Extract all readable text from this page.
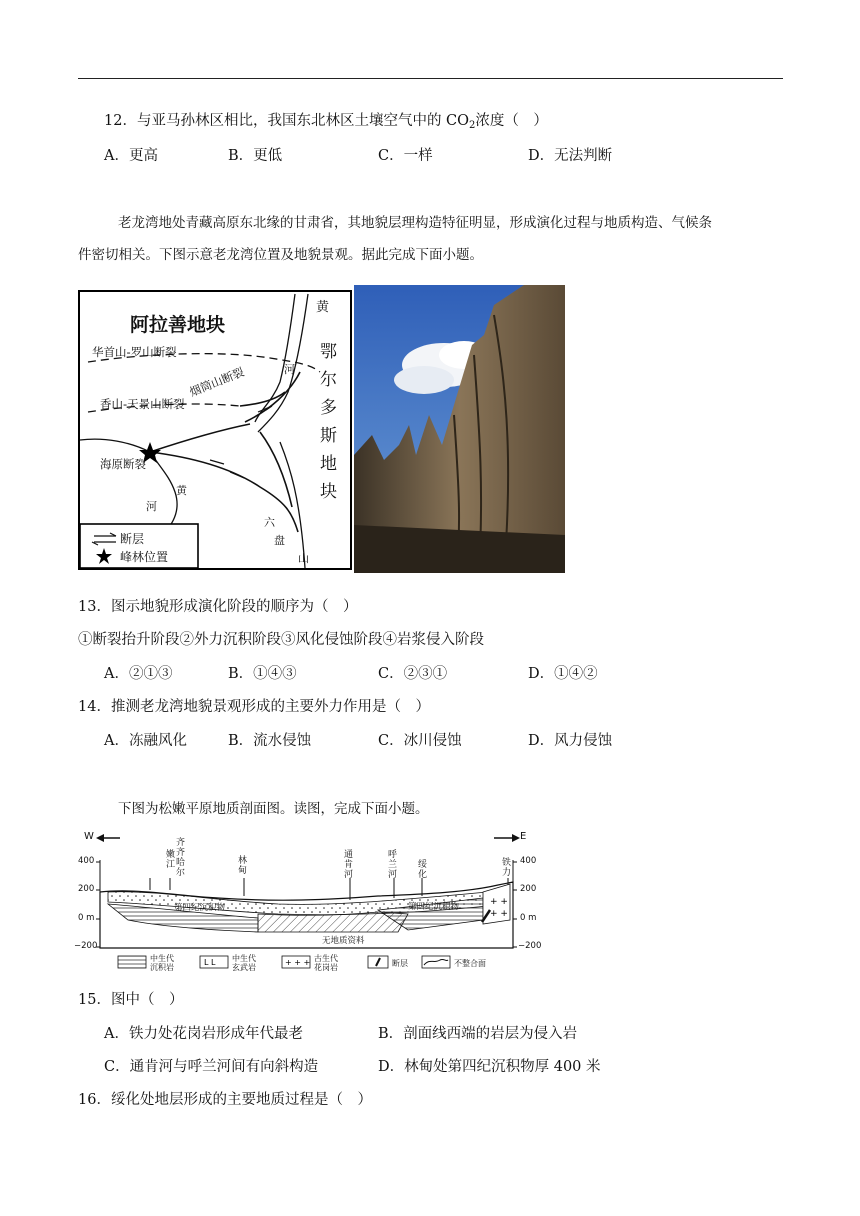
12．与亚马孙林区相比，我国东北林区土壤空气中的 $CO_2$浓度（　）
A．更高	B．更低	C．一样	D．无法判断
老龙湾地处青藏高原东北缘的甘肃省，其地貌层理构造特征明显，形成演化过程与地质构造、气候条
件密切相关。下图示意老龙湾位置及地貌景观。据此完成下面小题。
阿拉善地块
黄
鄂
尔
多
斯
地
块
河
华首山-罗山断裂
烟筒山断裂
香山-天景山断裂
海原断裂
黄
河
六
盘
山
断层
峰林位置
13．图示地貌形成演化阶段的顺序为（　）
①断裂抬升阶段②外力沉积阶段③风化侵蚀阶段④岩浆侵入阶段
A．②①③	B．①④③	C．②③①	D．①④②
14．推测老龙湾地貌景观形成的主要外力作用是（　）
A．冻融风化	B．流水侵蚀	C．冰川侵蚀	D．风力侵蚀
下图为松嫩平原地质剖面图。读图，完成下面小题。
+ +
+ +
L L	+ + +
W	E
400
200
0 m
−200
400
200
0 m
−200
齐齐哈尔
嫩江	林甸
通肯河
呼兰河
绥化
铁力
第四纪沉积物	第四纪沉积物
无地质资料
中生代沉积岩
中生代玄武岩
古生代花岗岩	断层	不整合面
15．图中（　）
A．铁力处花岗岩形成年代最老	B．剖面线西端的岩层为侵入岩
C．通肯河与呼兰河间有向斜构造	D．林甸处第四纪沉积物厚 400 米
16．绥化处地层形成的主要地质过程是（　）
